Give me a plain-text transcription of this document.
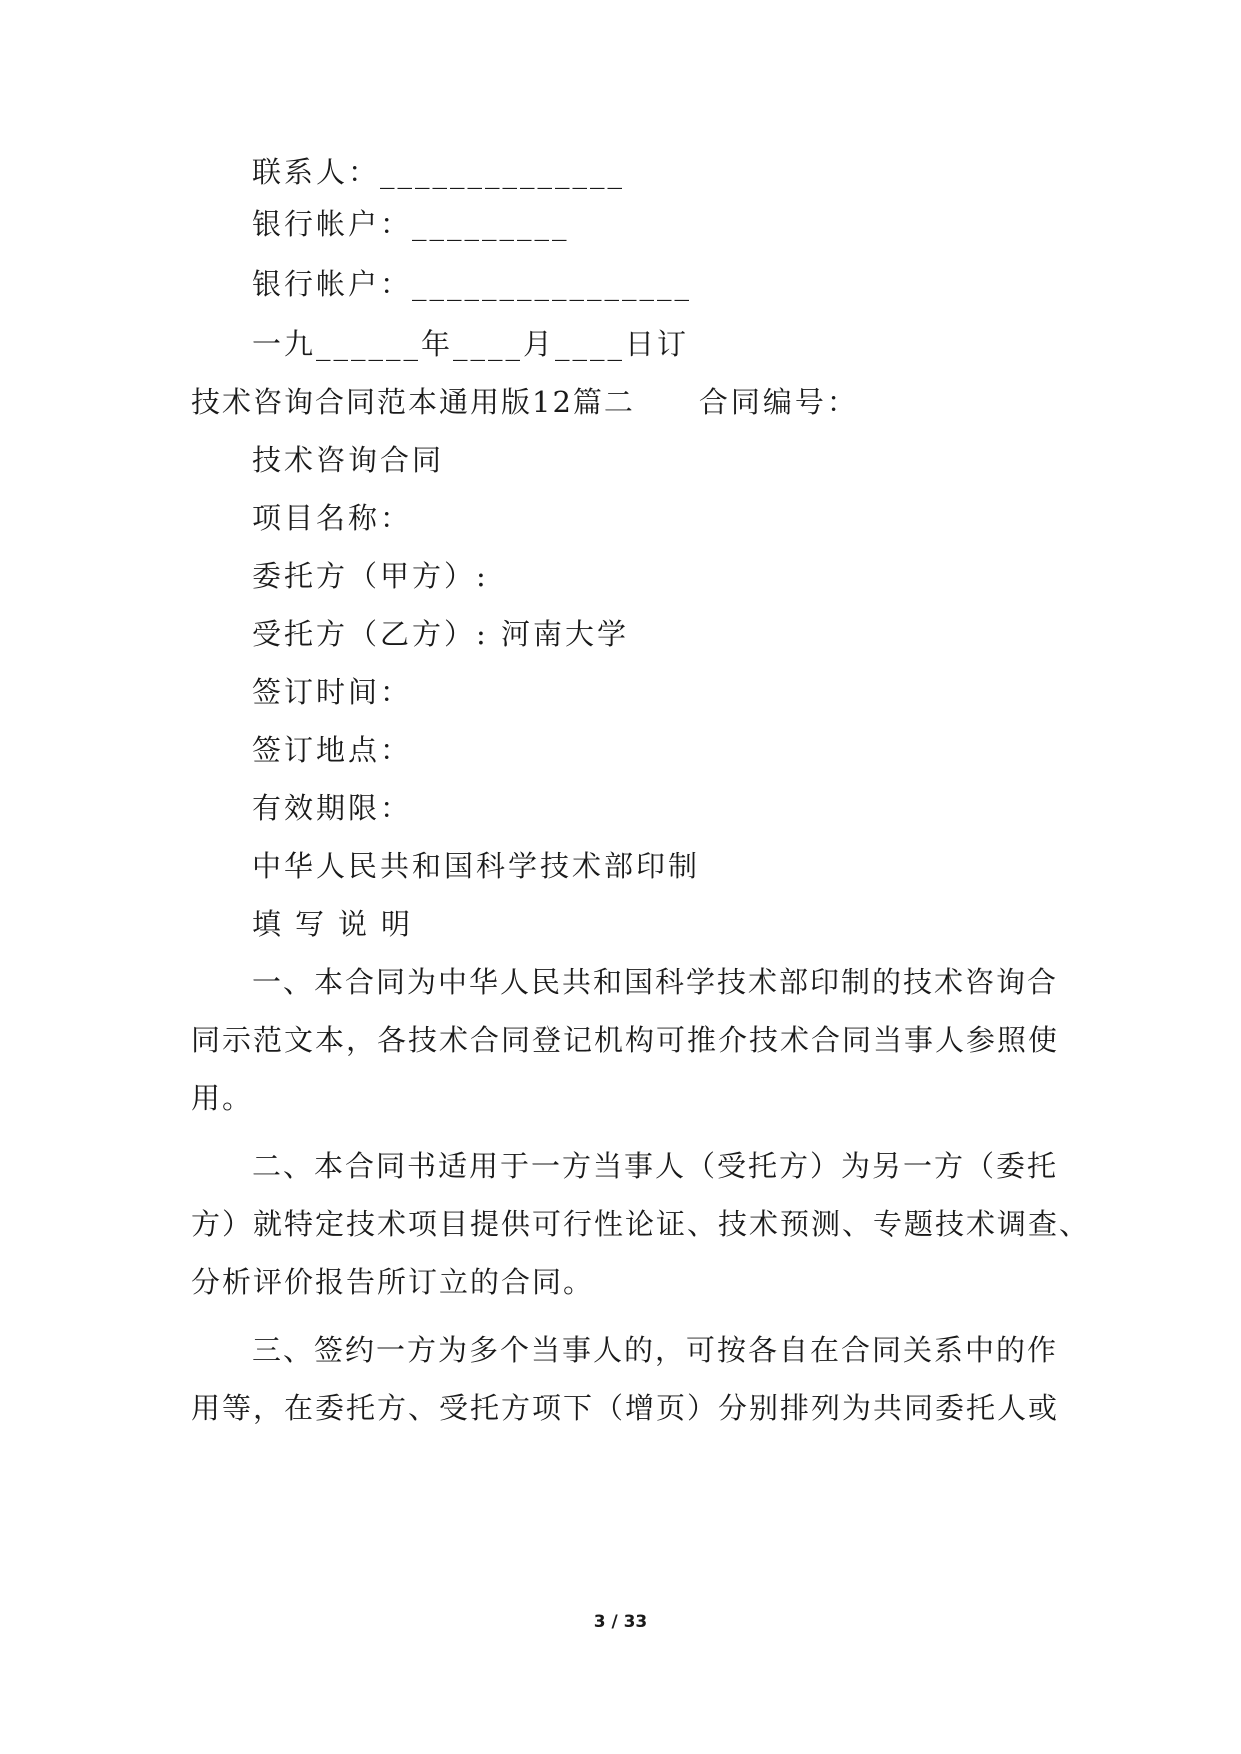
联系人：______________
银行帐户：_________
银行帐户：________________
一九______年____月____日订
技术咨询合同范本通用版12篇二 合同编号：
技术咨询合同
项目名称：
委托方（甲方）:
受托方（乙方）: 河南大学
签订时间：
签订地点：
有效期限：
中华人民共和国科学技术部印制
填写说明
一、本合同为中华人民共和国科学技术部印制的技术咨询合
同示范文本，各技术合同登记机构可推介技术合同当事人参照使
用。
二、本合同书适用于一方当事人（受托方）为另一方（委托
方）就特定技术项目提供可行性论证、技术预测、专题技术调查、
分析评价报告所订立的合同。
三、签约一方为多个当事人的，可按各自在合同关系中的作
用等，在委托方、受托方项下（增页）分别排列为共同委托人或
3 / 33
